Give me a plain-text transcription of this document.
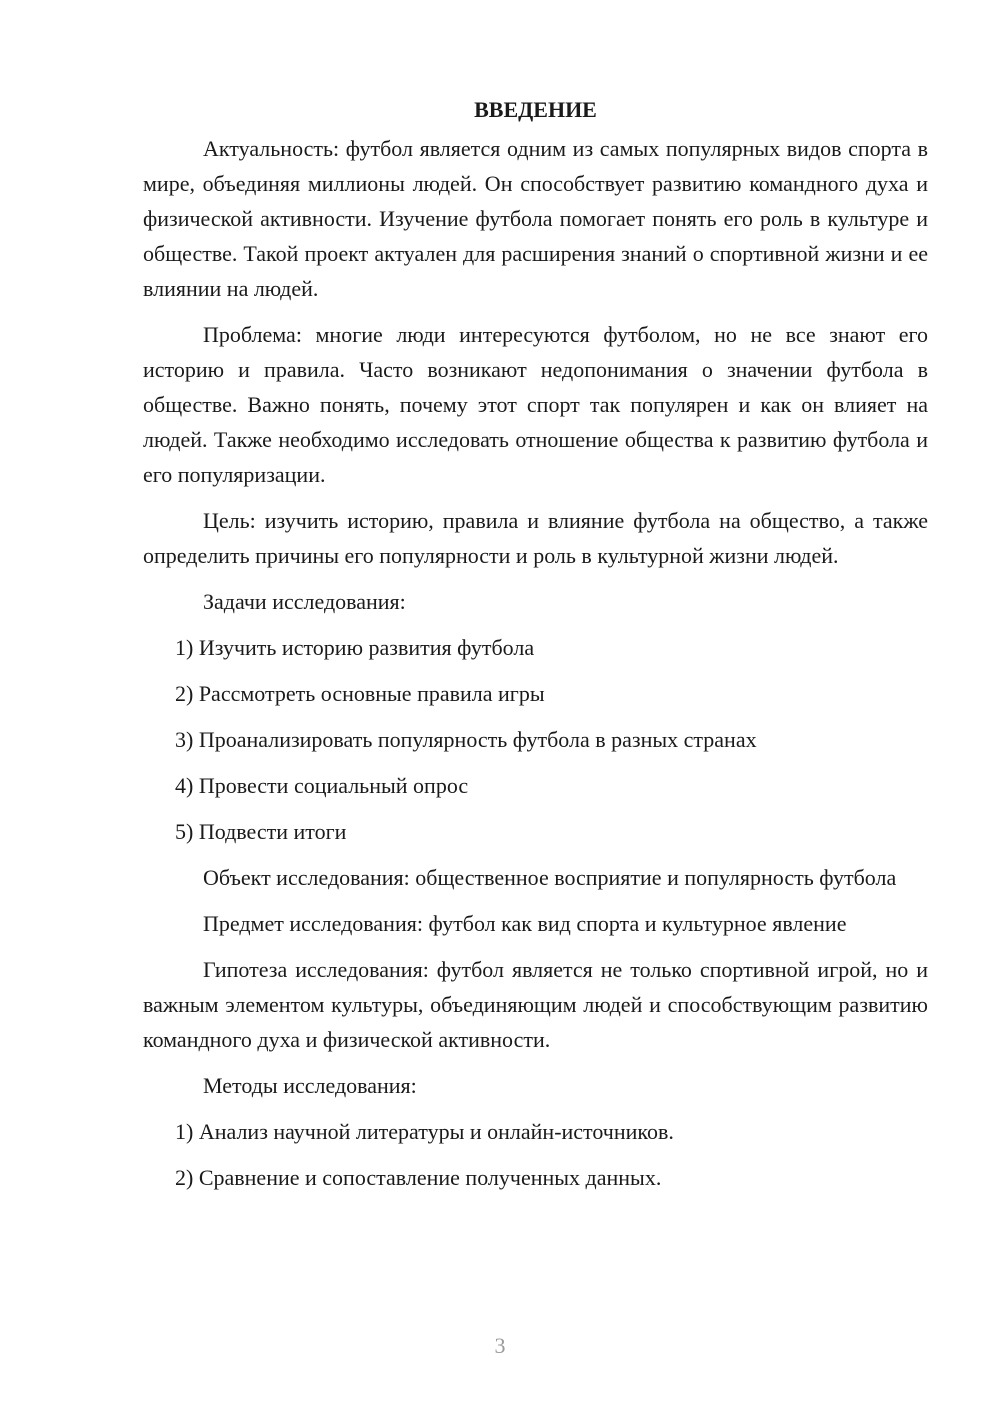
ВВЕДЕНИЕ

Актуальность: футбол является одним из самых популярных видов спорта в мире, объединяя миллионы людей. Он способствует развитию командного духа и физической активности. Изучение футбола помогает понять его роль в культуре и обществе. Такой проект актуален для расширения знаний о спортивной жизни и ее влиянии на людей.

Проблема: многие люди интересуются футболом, но не все знают его историю и правила. Часто возникают недопонимания о значении футбола в обществе. Важно понять, почему этот спорт так популярен и как он влияет на людей. Также необходимо исследовать отношение общества к развитию футбола и его популяризации.

Цель: изучить историю, правила и влияние футбола на общество, а также определить причины его популярности и роль в культурной жизни людей.

Задачи исследования:
1) Изучить историю развития футбола
2) Рассмотреть основные правила игры
3) Проанализировать популярность футбола в разных странах
4) Провести социальный опрос
5) Подвести итоги

Объект исследования: общественное восприятие и популярность футбола

Предмет исследования: футбол как вид спорта и культурное явление

Гипотеза исследования: футбол является не только спортивной игрой, но и важным элементом культуры, объединяющим людей и способствующим развитию командного духа и физической активности.

Методы исследования:
1) Анализ научной литературы и онлайн-источников.
2) Сравнение и сопоставление полученных данных.
3
